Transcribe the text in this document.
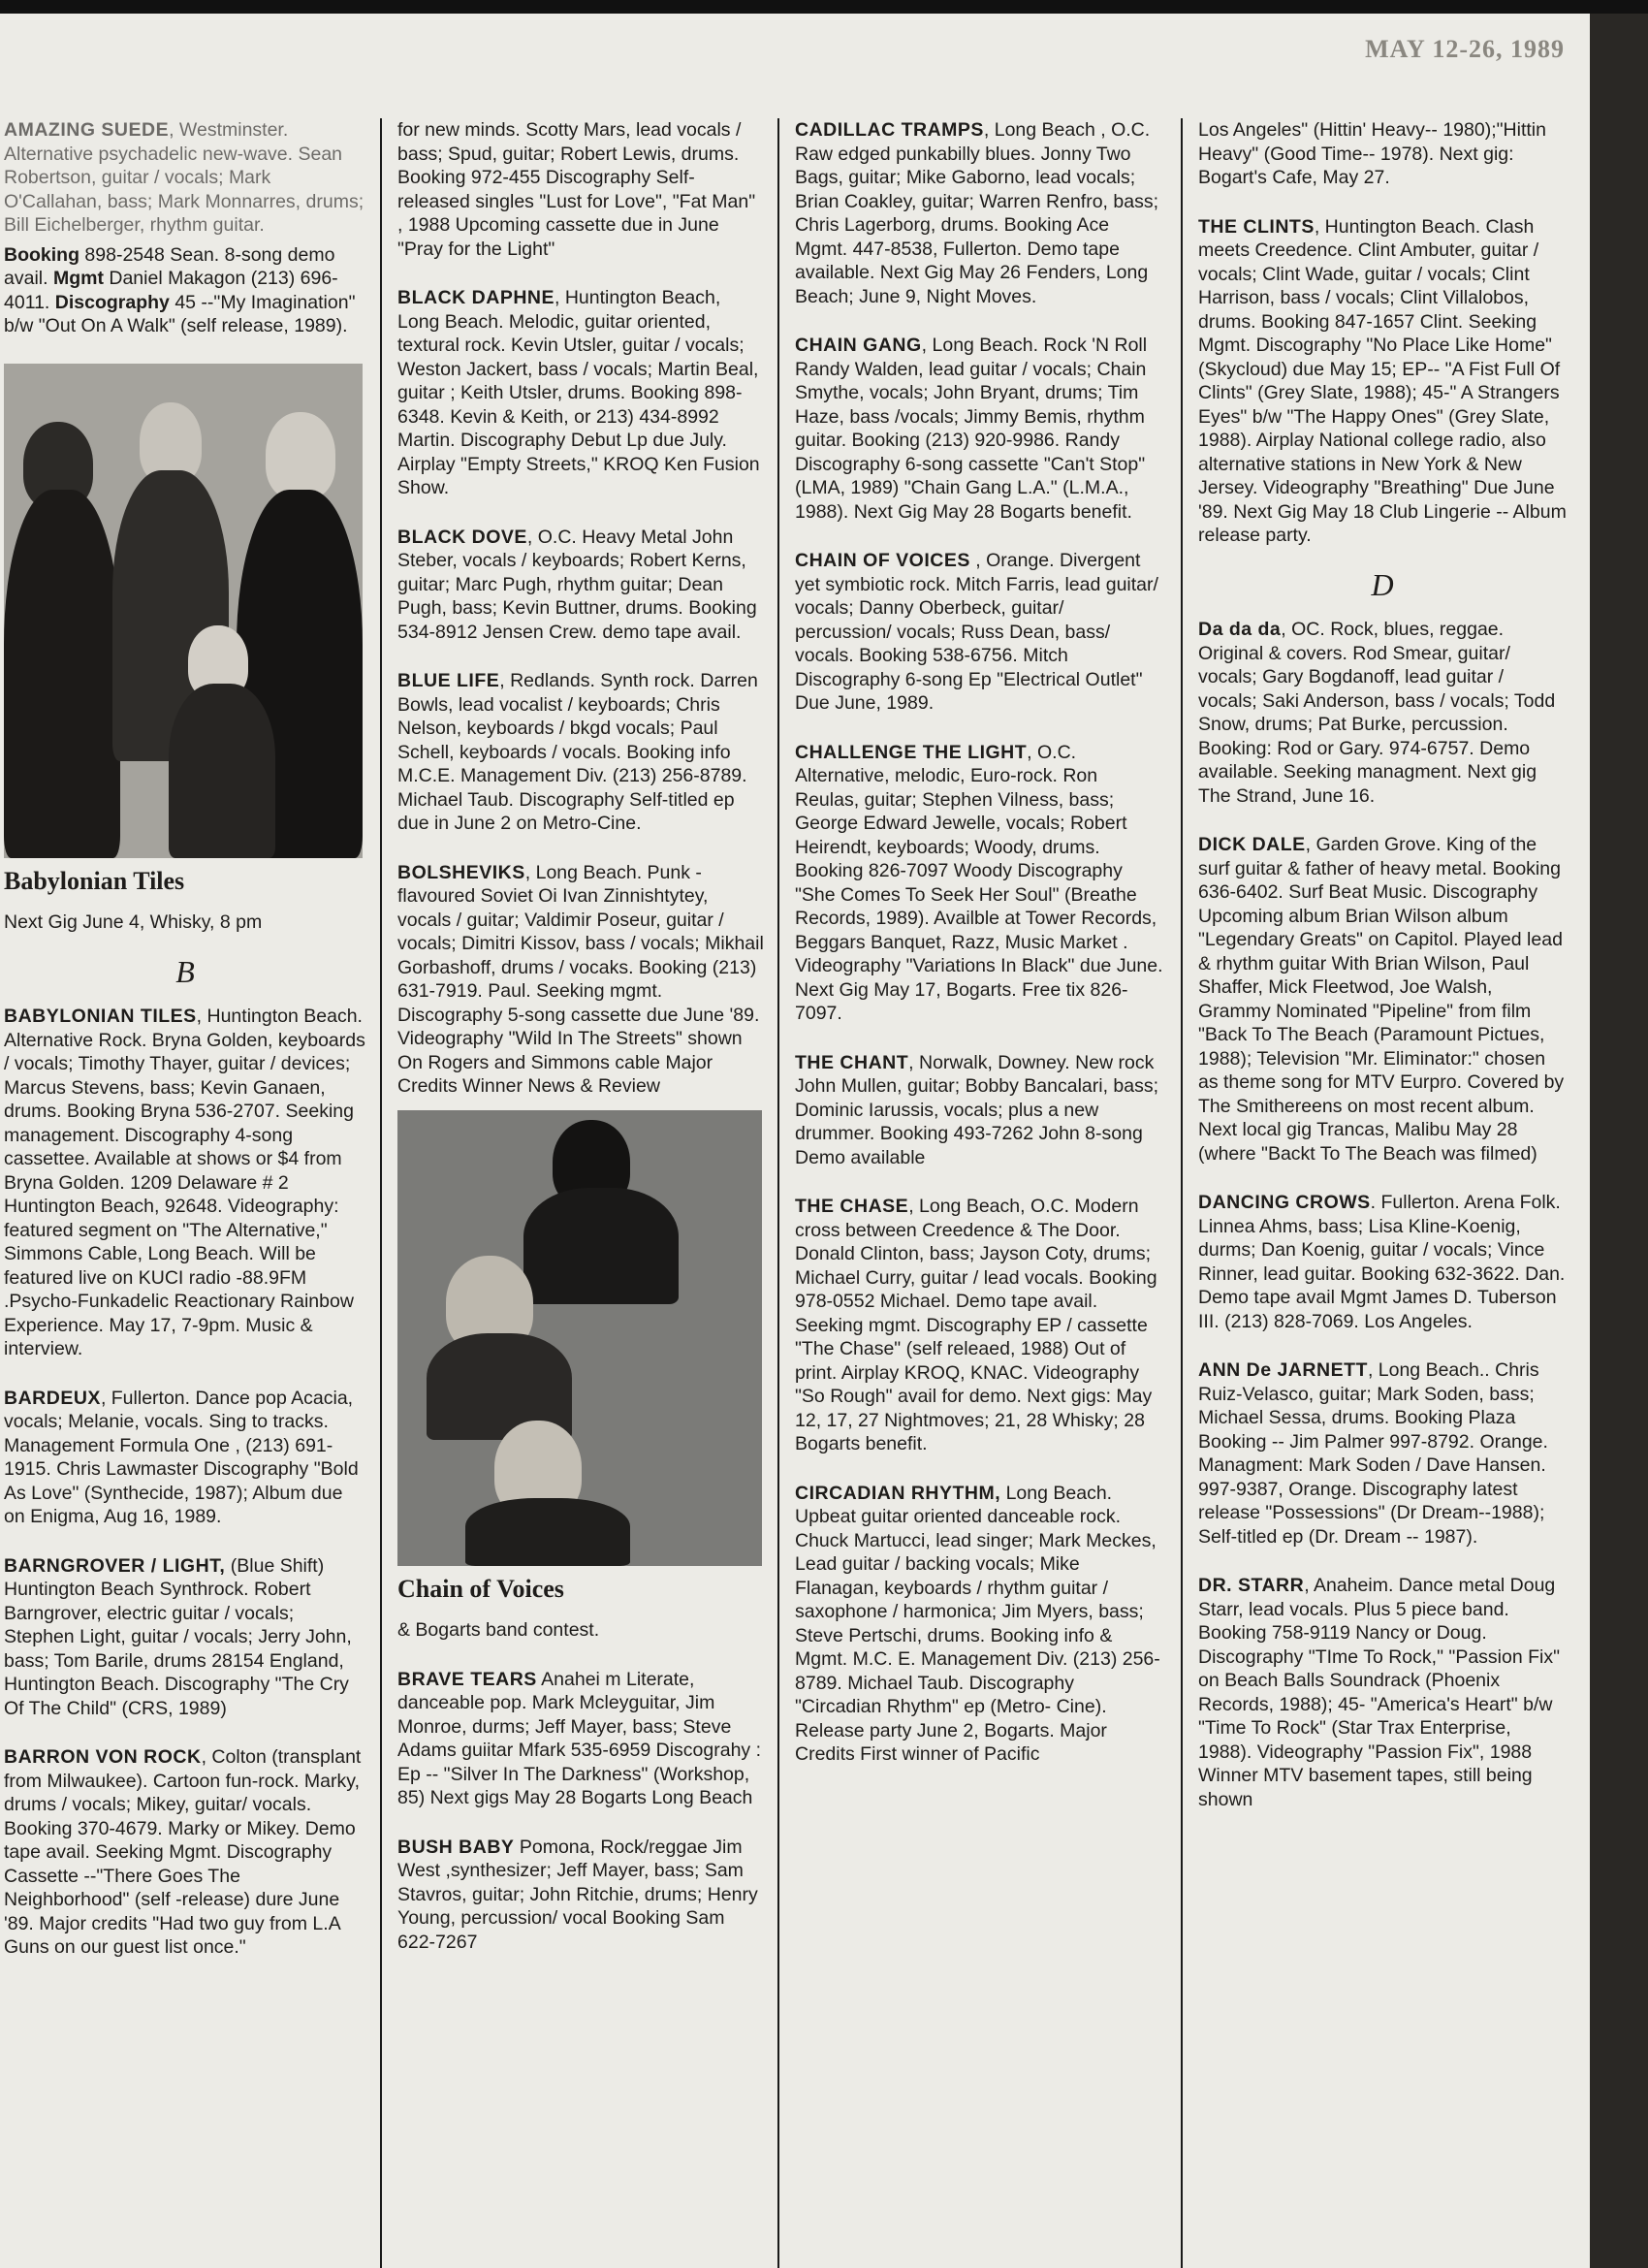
MAY 12-26, 1989

AMAZING SUEDE, Westminster. Alternative psychadelic new-wave. Sean Robertson, guitar / vocals; Mark O'Callahan, bass; Mark Monnarres, drums; Bill Eichelberger, rhythm guitar.

Booking 898-2548 Sean. 8-song demo avail. Mgmt Daniel Makagon (213) 696-4011. Discography 45 --"My Imagination" b/w "Out On A Walk" (self release, 1989).

Babylonian Tiles

Next Gig June 4, Whisky, 8 pm

B

BABYLONIAN TILES, Huntington Beach. Alternative Rock. Bryna Golden, keyboards / vocals; Timothy Thayer, guitar / devices; Marcus Stevens, bass; Kevin Ganaen, drums. Booking Bryna 536-2707. Seeking management. Discography 4-song cassettee. Available at shows or $4 from Bryna Golden. 1209 Delaware # 2 Huntington Beach, 92648. Videography: featured segment on "The Alternative," Simmons Cable, Long Beach. Will be featured live on KUCI radio -88.9FM .Psycho-Funkadelic Reactionary Rainbow Experience. May 17, 7-9pm. Music & interview.

BARDEUX, Fullerton. Dance pop Acacia, vocals; Melanie, vocals. Sing to tracks. Management Formula One , (213) 691-1915. Chris Lawmaster Discography "Bold As Love" (Synthecide, 1987); Album due on Enigma, Aug 16, 1989.

BARNGROVER / LIGHT, (Blue Shift) Huntington Beach Synthrock. Robert Barngrover, electric guitar / vocals; Stephen Light, guitar / vocals; Jerry John, bass; Tom Barile, drums 28154 England, Huntington Beach. Discography "The Cry Of The Child" (CRS, 1989)

BARRON VON ROCK, Colton (transplant from Milwaukee). Cartoon fun-rock. Marky, drums / vocals; Mikey, guitar/ vocals. Booking 370-4679. Marky or Mikey. Demo tape avail. Seeking Mgmt. Discography Cassette --"There Goes The Neighborhood" (self -release) dure June '89. Major credits "Had two guy from L.A Guns on our guest list once."

for new minds. Scotty Mars, lead vocals / bass; Spud, guitar; Robert Lewis, drums. Booking 972-455 Discography Self-released singles "Lust for Love", "Fat Man" , 1988 Upcoming cassette due in June "Pray for the Light"

BLACK DAPHNE, Huntington Beach, Long Beach. Melodic, guitar oriented, textural rock. Kevin Utsler, guitar / vocals; Weston Jackert, bass / vocals; Martin Beal, guitar ; Keith Utsler, drums. Booking 898-6348. Kevin & Keith, or 213) 434-8992 Martin. Discography Debut Lp due July. Airplay "Empty Streets," KROQ Ken Fusion Show.

BLACK DOVE, O.C. Heavy Metal John Steber, vocals / keyboards; Robert Kerns, guitar; Marc Pugh, rhythm guitar; Dean Pugh, bass; Kevin Buttner, drums. Booking 534-8912 Jensen Crew. demo tape avail.

BLUE LIFE, Redlands. Synth rock. Darren Bowls, lead vocalist / keyboards; Chris Nelson, keyboards / bkgd vocals; Paul Schell, keyboards / vocals. Booking info M.C.E. Management Div. (213) 256-8789. Michael Taub. Discography Self-titled ep due in June 2 on Metro-Cine.

BOLSHEVIKS, Long Beach. Punk - flavoured Soviet Oi Ivan Zinnishtytey, vocals / guitar; Valdimir Poseur, guitar / vocals; Dimitri Kissov, bass / vocals; Mikhail Gorbashoff, drums / vocaks. Booking (213) 631-7919. Paul. Seeking mgmt. Discography 5-song cassette due June '89. Videography "Wild In The Streets" shown On Rogers and Simmons cable Major Credits Winner News & Review

Chain of Voices

& Bogarts band contest.

BRAVE TEARS Anahei m Literate, danceable pop. Mark Mcleyguitar, Jim Monroe, durms; Jeff Mayer, bass; Steve Adams guiitar Mfark 535-6959 Discograhy : Ep -- "Silver In The Darkness" (Workshop, 85) Next gigs May 28 Bogarts Long Beach

BUSH BABY Pomona, Rock/reggae Jim West ,synthesizer; Jeff Mayer, bass; Sam Stavros, guitar; John Ritchie, drums; Henry Young, percussion/ vocal Booking Sam 622-7267

CADILLAC TRAMPS, Long Beach , O.C. Raw edged punkabilly blues. Jonny Two Bags, guitar; Mike Gaborno, lead vocals; Brian Coakley, guitar; Warren Renfro, bass; Chris Lagerborg, drums. Booking Ace Mgmt. 447-8538, Fullerton. Demo tape available. Next Gig May 26 Fenders, Long Beach; June 9, Night Moves.

CHAIN GANG, Long Beach. Rock 'N Roll Randy Walden, lead guitar / vocals; Chain Smythe, vocals; John Bryant, drums; Tim Haze, bass /vocals; Jimmy Bemis, rhythm guitar. Booking (213) 920-9986. Randy Discography 6-song cassette "Can't Stop" (LMA, 1989) "Chain Gang L.A." (L.M.A., 1988). Next Gig May 28 Bogarts benefit.

CHAIN OF VOICES , Orange. Divergent yet symbiotic rock. Mitch Farris, lead guitar/ vocals; Danny Oberbeck, guitar/ percussion/ vocals; Russ Dean, bass/ vocals. Booking 538-6756. Mitch Discography 6-song Ep "Electrical Outlet" Due June, 1989.

CHALLENGE THE LIGHT, O.C. Alternative, melodic, Euro-rock. Ron Reulas, guitar; Stephen Vilness, bass; George Edward Jewelle, vocals; Robert Heirendt, keyboards; Woody, drums. Booking 826-7097 Woody Discography "She Comes To Seek Her Soul" (Breathe Records, 1989). Availble at Tower Records, Beggars Banquet, Razz, Music Market . Videography "Variations In Black" due June. Next Gig May 17, Bogarts. Free tix 826-7097.

THE CHANT, Norwalk, Downey. New rock John Mullen, guitar; Bobby Bancalari, bass; Dominic Iarussis, vocals; plus a new drummer. Booking 493-7262 John 8-song Demo available

THE CHASE, Long Beach, O.C. Modern cross between Creedence & The Door. Donald Clinton, bass; Jayson Coty, drums; Michael Curry, guitar / lead vocals. Booking 978-0552 Michael. Demo tape avail. Seeking mgmt. Discography EP / cassette "The Chase" (self releaed, 1988) Out of print. Airplay KROQ, KNAC. Videography "So Rough" avail for demo. Next gigs: May 12, 17, 27 Nightmoves; 21, 28 Whisky; 28 Bogarts benefit.

CIRCADIAN RHYTHM, Long Beach. Upbeat guitar oriented danceable rock. Chuck Martucci, lead singer; Mark Meckes, Lead guitar / backing vocals; Mike Flanagan, keyboards / rhythm guitar / saxophone / harmonica; Jim Myers, bass; Steve Pertschi, drums. Booking info & Mgmt. M.C. E. Management Div. (213) 256-8789. Michael Taub. Discography "Circadian Rhythm" ep (Metro- Cine). Release party June 2, Bogarts. Major Credits First winner of Pacific

Los Angeles" (Hittin' Heavy-- 1980);"Hittin Heavy" (Good Time-- 1978). Next gig: Bogart's Cafe, May 27.

THE CLINTS, Huntington Beach. Clash meets Creedence. Clint Ambuter, guitar / vocals; Clint Wade, guitar / vocals; Clint Harrison, bass / vocals; Clint Villalobos, drums. Booking 847-1657 Clint. Seeking Mgmt. Discography "No Place Like Home" (Skycloud) due May 15; EP-- "A Fist Full Of Clints" (Grey Slate, 1988); 45-" A Strangers Eyes" b/w "The Happy Ones" (Grey Slate, 1988). Airplay National college radio, also alternative stations in New York & New Jersey. Videography "Breathing" Due June '89. Next Gig May 18 Club Lingerie -- Album release party.

D

Da da da, OC. Rock, blues, reggae. Original & covers. Rod Smear, guitar/ vocals; Gary Bogdanoff, lead guitar / vocals; Saki Anderson, bass / vocals; Todd Snow, drums; Pat Burke, percussion. Booking: Rod or Gary. 974-6757. Demo available. Seeking managment. Next gig The Strand, June 16.

DICK DALE, Garden Grove. King of the surf guitar & father of heavy metal. Booking 636-6402. Surf Beat Music. Discography Upcoming album Brian Wilson album "Legendary Greats" on Capitol. Played lead & rhythm guitar With Brian Wilson, Paul Shaffer, Mick Fleetwod, Joe Walsh, Grammy Nominated "Pipeline" from film "Back To The Beach (Paramount Pictues, 1988); Television "Mr. Eliminator:" chosen as theme song for MTV Eurpro. Covered by The Smithereens on most recent album. Next local gig Trancas, Malibu May 28 (where "Backt To The Beach was filmed)

DANCING CROWS. Fullerton. Arena Folk. Linnea Ahms, bass; Lisa Kline-Koenig, durms; Dan Koenig, guitar / vocals; Vince Rinner, lead guitar. Booking 632-3622. Dan. Demo tape avail Mgmt James D. Tuberson III. (213) 828-7069. Los Angeles.

ANN De JARNETT, Long Beach.. Chris Ruiz-Velasco, guitar; Mark Soden, bass; Michael Sessa, drums. Booking Plaza Booking -- Jim Palmer 997-8792. Orange. Managment: Mark Soden / Dave Hansen. 997-9387, Orange. Discography latest release "Possessions" (Dr Dream--1988); Self-titled ep (Dr. Dream -- 1987).

DR. STARR, Anaheim. Dance metal Doug Starr, lead vocals. Plus 5 piece band. Booking 758-9119 Nancy or Doug. Discography "TIme To Rock," "Passion Fix" on Beach Balls Soundrack (Phoenix Records, 1988); 45- "America's Heart" b/w "Time To Rock" (Star Trax Enterprise, 1988). Videography "Passion Fix", 1988 Winner MTV basement tapes, still being shown
